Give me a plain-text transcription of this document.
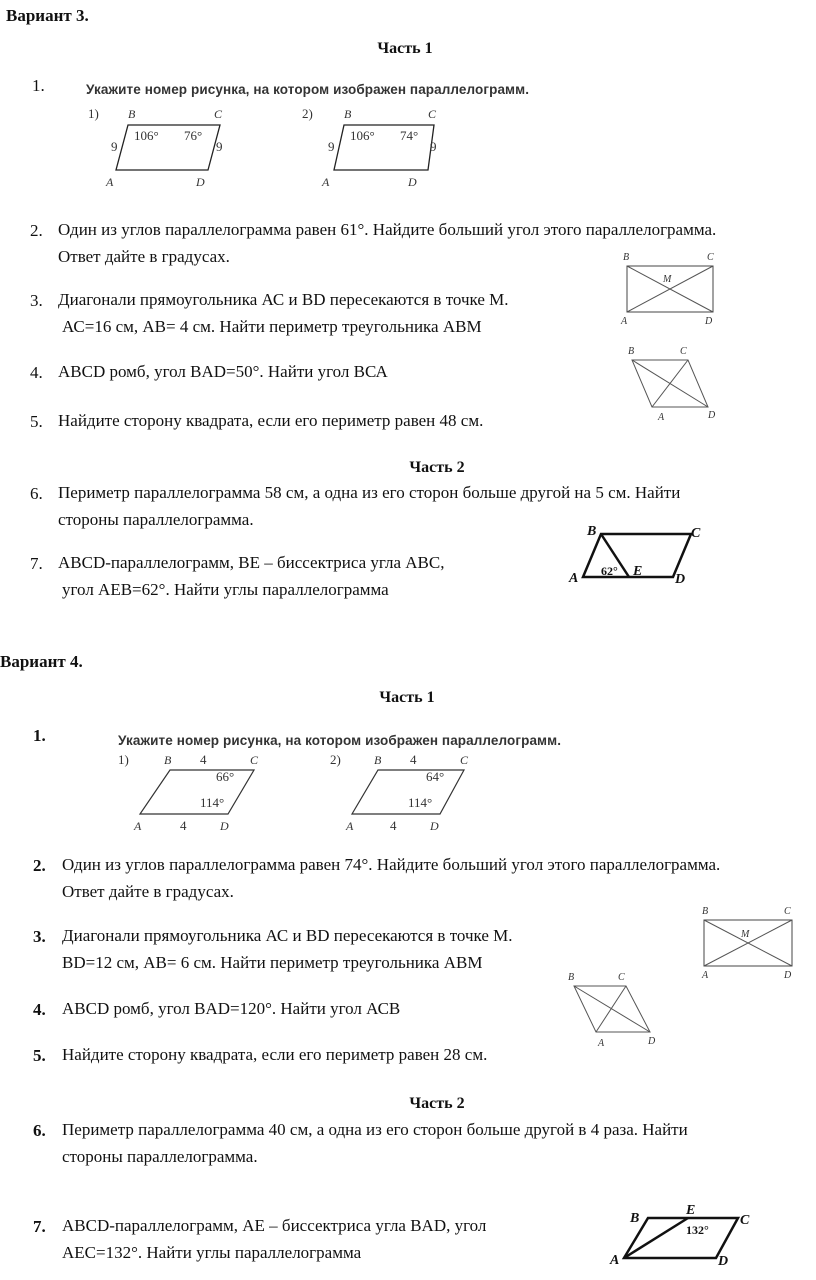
Вариант 3.
Часть 1
1.	Укажите номер рисунка, на котором изображен параллелограмм.
1) B	C
A	D
106° 76°
9	9
2)	B	C
A	D
106° 74°
9	9
2. Один из углов параллелограмма равен 61°. Найдите больший угол этого параллелограмма.
Ответ дайте в градусах.
3. Диагонали прямоугольника АС и ВD пересекаются в точке М.
АС=16 см, АВ= 4 см. Найти периметр треугольника АВМ
4. ABCD ромб, угол BAD=50°. Найти угол ВСА
5. Найдите сторону квадрата, если его периметр равен 48 см.
B	C
A	D
M
B	C
A	D
Часть 2
6. Периметр параллелограмма 58 см, а одна из его сторон больше другой на 5 см. Найти
стороны параллелограмма.
7. ABCD-параллелограмм, BE – биссектриса угла ABC,
угол AEB=62°. Найти углы параллелограмма
B	C
A	D
E
62°
Вариант 4.
Часть 1
1.	Укажите номер рисунка, на котором изображен параллелограмм.
1)	B 4	C
66°
114°
A	4	D
2)	B 4	C
64°
114°
A	4	D
2. Один из углов параллелограмма равен 74°. Найдите больший угол этого параллелограмма.
Ответ дайте в градусах.
3. Диагонали прямоугольника АС и ВD пересекаются в точке М.
BD=12 см, АВ= 6 см. Найти периметр треугольника АВМ
4. ABCD ромб, угол BAD=120°. Найти угол АСВ
5. Найдите сторону квадрата, если его периметр равен 28 см.
B	C
A	D
M
B	C
A	D
Часть 2
6. Периметр параллелограмма 40 см, а одна из его сторон больше другой в 4 раза. Найти
стороны параллелограмма.
7. ABCD-параллелограмм, AE – биссектриса угла BAD, угол
AEC=132°. Найти углы параллелограмма
B	C
A	D
E
132°
